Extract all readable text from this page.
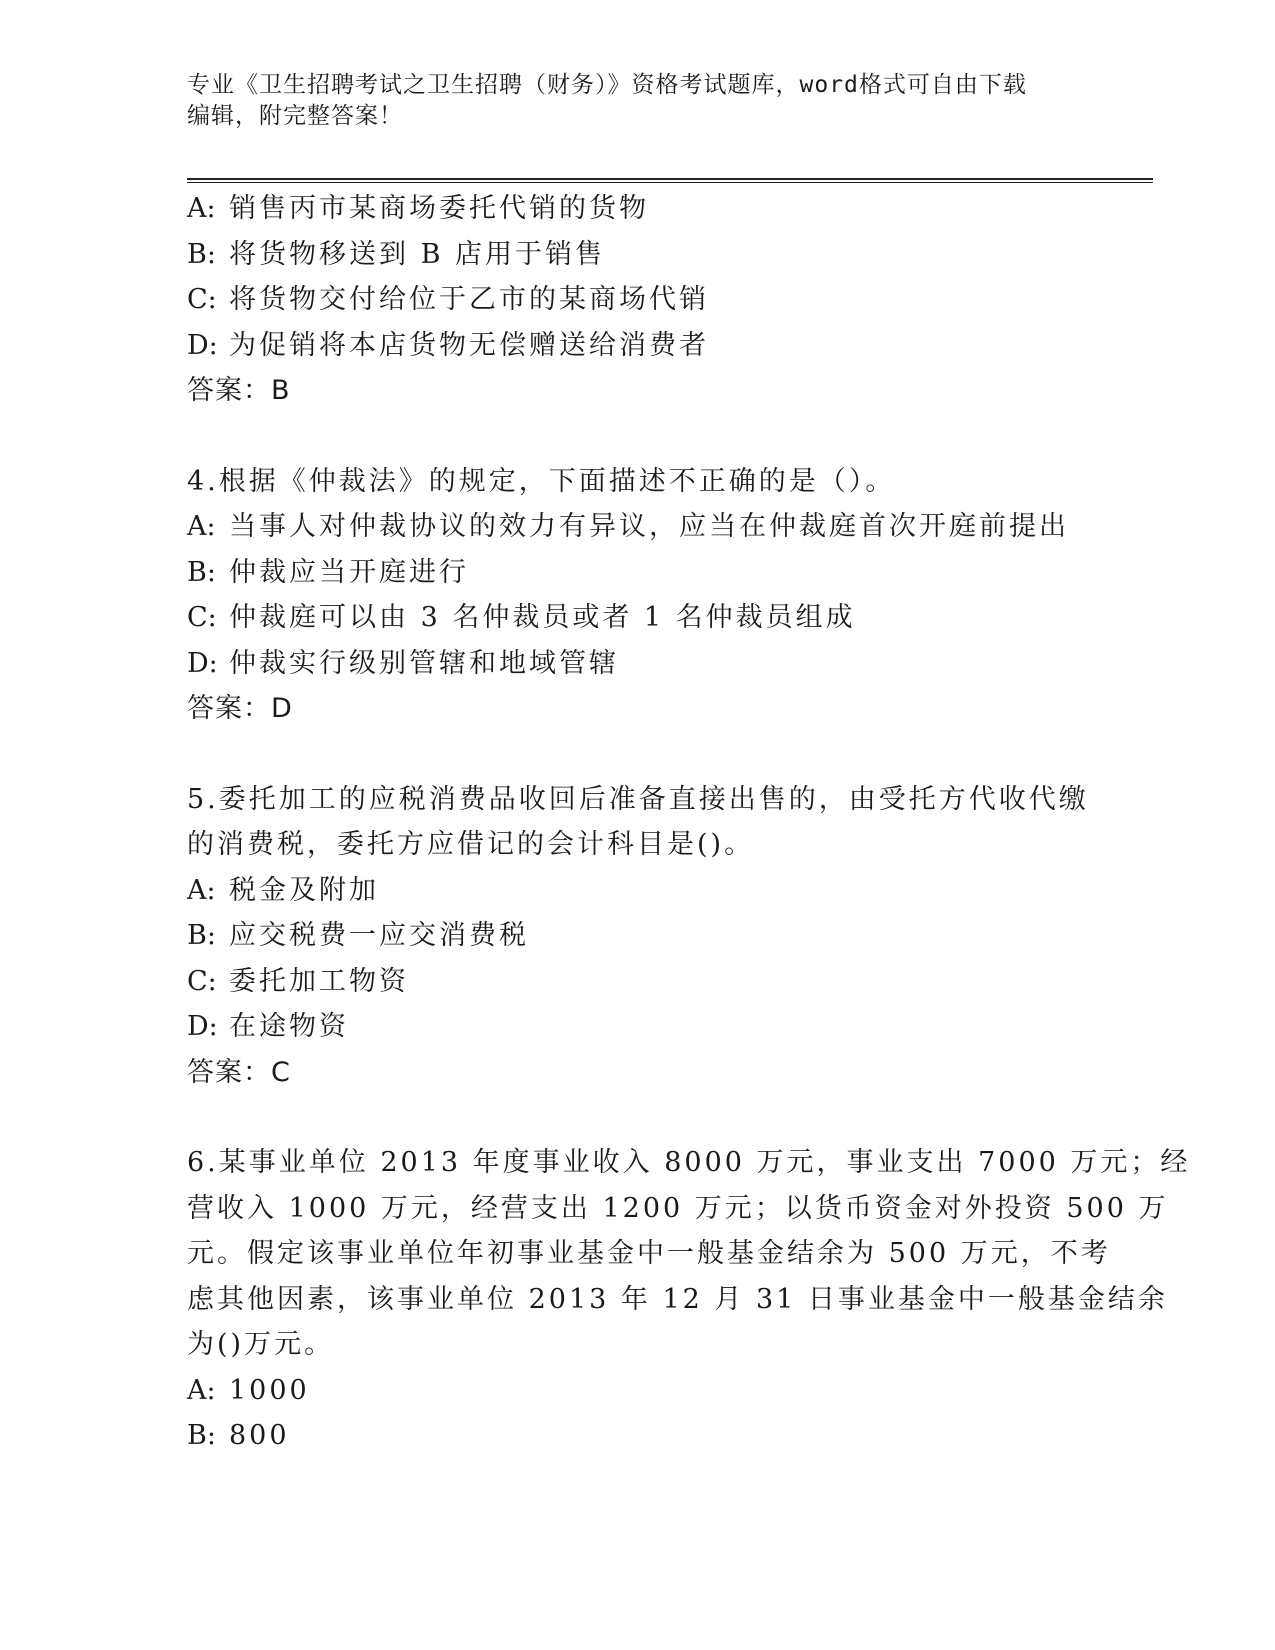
专业《卫生招聘考试之卫生招聘（财务）》资格考试题库，word格式可自由下载
编辑，附完整答案！
A: 销售丙市某商场委托代销的货物
B: 将货物移送到 B 店用于销售
C: 将货物交付给位于乙市的某商场代销
D: 为促销将本店货物无偿赠送给消费者
答案：B
4.根据《仲裁法》的规定，下面描述不正确的是（）。
A: 当事人对仲裁协议的效力有异议，应当在仲裁庭首次开庭前提出
B: 仲裁应当开庭进行
C: 仲裁庭可以由 3 名仲裁员或者 1 名仲裁员组成
D: 仲裁实行级别管辖和地域管辖
答案：D
5.委托加工的应税消费品收回后准备直接出售的，由受托方代收代缴
的消费税，委托方应借记的会计科目是()。
A: 税金及附加
B: 应交税费一应交消费税
C: 委托加工物资
D: 在途物资
答案：C
6.某事业单位 2013 年度事业收入 8000 万元，事业支出 7000 万元；经
营收入 1000 万元，经营支出 1200 万元；以货币资金对外投资 500 万
元。假定该事业单位年初事业基金中一般基金结余为 500 万元，不考
虑其他因素，该事业单位 2013 年 12 月 31 日事业基金中一般基金结余
为()万元。
A: 1000
B: 800
